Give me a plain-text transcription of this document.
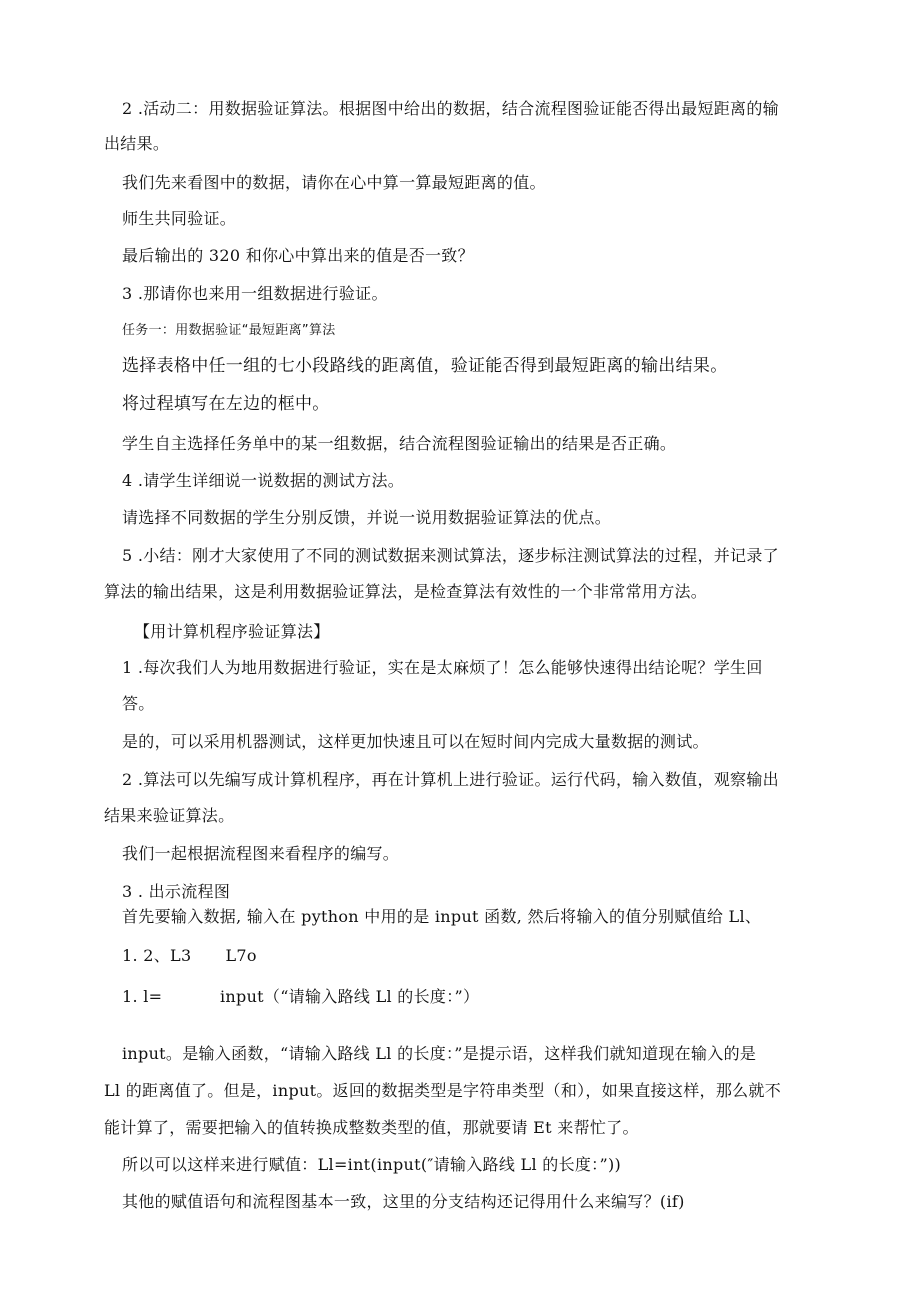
2 .活动二：用数据验证算法。根据图中给出的数据，结合流程图验证能否得出最短距离的输
出结果。
我们先来看图中的数据，请你在心中算一算最短距离的值。
师生共同验证。
最后输出的 320 和你心中算出来的值是否一致？
3 .那请你也来用一组数据进行验证。
任务一：用数据验证“最短距离”算法
选择表格中任一组的七小段路线的距离值，验证能否得到最短距离的输出结果。
将过程填写在左边的框中。
学生自主选择任务单中的某一组数据，结合流程图验证输出的结果是否正确。
4 .请学生详细说一说数据的测试方法。
请选择不同数据的学生分别反馈，并说一说用数据验证算法的优点。
5 .小结：刚才大家使用了不同的测试数据来测试算法，逐步标注测试算法的过程，并记录了
算法的输出结果，这是利用数据验证算法，是检查算法有效性的一个非常常用方法。
【用计算机程序验证算法】
1 .每次我们人为地用数据进行验证，实在是太麻烦了！怎么能够快速得出结论呢？学生回
答。
是的，可以采用机器测试，这样更加快速且可以在短时间内完成大量数据的测试。
2 .算法可以先编写成计算机程序，再在计算机上进行验证。运行代码，输入数值，观察输出
结果来验证算法。
我们一起根据流程图来看程序的编写。
3 . 出示流程图
首先要输入数据, 输入在 python 中用的是 input 函数, 然后将输入的值分别赋值给 Ll、
1. 2、L3 L7o
1. l=	input（“请输入路线 Ll 的长度：”）
input。是输入函数，“请输入路线 Ll 的长度：”是提示语，这样我们就知道现在输入的是
Ll 的距离值了。但是，input。返回的数据类型是字符串类型（和），如果直接这样，那么就不
能计算了，需要把输入的值转换成整数类型的值，那就要请 Et 来帮忙了。
所以可以这样来进行赋值：Ll=int(input(″请输入路线 Ll 的长度：”))
其他的赋值语句和流程图基本一致，这里的分支结构还记得用什么来编写？(if)
